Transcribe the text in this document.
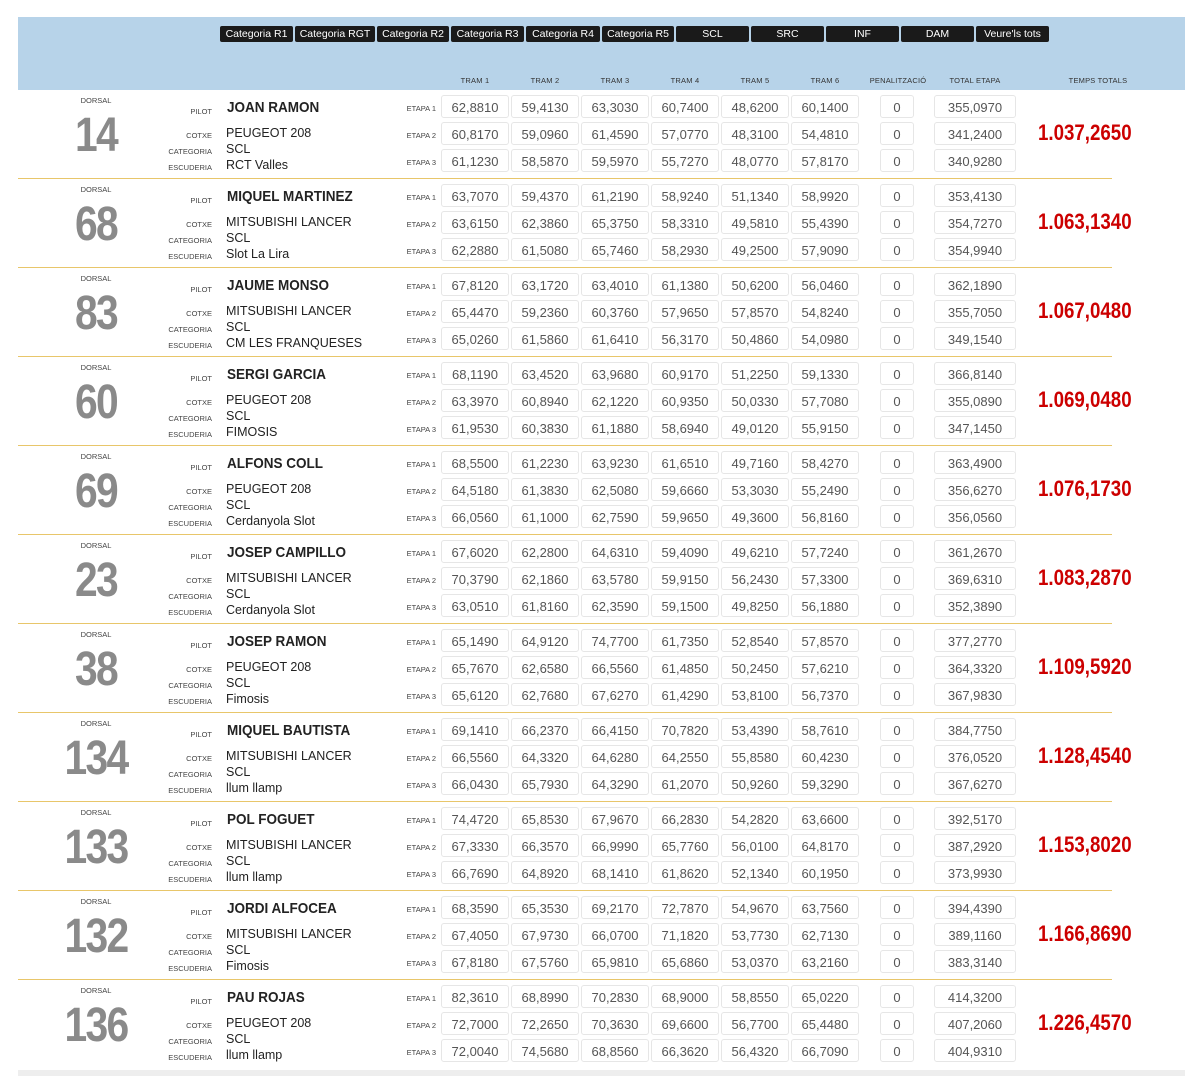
Categoria R1	Categoria RGT	Categoria R2	Categoria R3	Categoria R4	Categoria R5	SCL	SRC	INF	DAM	Veure'ls tots
TRAM 1	TRAM 2	TRAM 3	TRAM 4	TRAM 5	TRAM 6	PENALITZACIÓ	TOTAL ETAPA	TEMPS TOTALS
DORSAL
14	PILOT JOAN RAMON
COTXE PEUGEOT 208
CATEGORIA SCL
ESCUDERIA RCT Valles
ETAPA 1	62,8810	59,4130	63,3030	60,7400	48,6200	60,1400	0	355,0970
ETAPA 2	60,8170	59,0960	61,4590	57,0770	48,3100	54,4810	0	341,2400
ETAPA 3	61,1230	58,5870	59,5970	55,7270	48,0770	57,8170	0	340,9280
1.037,2650
DORSAL
68	PILOT MIQUEL MARTINEZ
COTXE MITSUBISHI LANCER
CATEGORIA SCL
ESCUDERIA Slot La Lira
ETAPA 1	63,7070	59,4370	61,2190	58,9240	51,1340	58,9920	0	353,4130
ETAPA 2	63,6150	62,3860	65,3750	58,3310	49,5810	55,4390	0	354,7270
ETAPA 3	62,2880	61,5080	65,7460	58,2930	49,2500	57,9090	0	354,9940
1.063,1340
DORSAL
83	PILOT JAUME MONSO
COTXE MITSUBISHI LANCER
CATEGORIA SCL
ESCUDERIA CM LES FRANQUESES
ETAPA 1	67,8120	63,1720	63,4010	61,1380	50,6200	56,0460	0	362,1890
ETAPA 2	65,4470	59,2360	60,3760	57,9650	57,8570	54,8240	0	355,7050
ETAPA 3	65,0260	61,5860	61,6410	56,3170	50,4860	54,0980	0	349,1540
1.067,0480
DORSAL
60	PILOT SERGI GARCIA
COTXE PEUGEOT 208
CATEGORIA SCL
ESCUDERIA FIMOSIS
ETAPA 1	68,1190	63,4520	63,9680	60,9170	51,2250	59,1330	0	366,8140
ETAPA 2	63,3970	60,8940	62,1220	60,9350	50,0330	57,7080	0	355,0890
ETAPA 3	61,9530	60,3830	61,1880	58,6940	49,0120	55,9150	0	347,1450
1.069,0480
DORSAL
69	PILOT ALFONS COLL
COTXE PEUGEOT 208
CATEGORIA SCL
ESCUDERIA Cerdanyola Slot
ETAPA 1	68,5500	61,2230	63,9230	61,6510	49,7160	58,4270	0	363,4900
ETAPA 2	64,5180	61,3830	62,5080	59,6660	53,3030	55,2490	0	356,6270
ETAPA 3	66,0560	61,1000	62,7590	59,9650	49,3600	56,8160	0	356,0560
1.076,1730
DORSAL
23	PILOT JOSEP CAMPILLO
COTXE MITSUBISHI LANCER
CATEGORIA SCL
ESCUDERIA Cerdanyola Slot
ETAPA 1	67,6020	62,2800	64,6310	59,4090	49,6210	57,7240	0	361,2670
ETAPA 2	70,3790	62,1860	63,5780	59,9150	56,2430	57,3300	0	369,6310
ETAPA 3	63,0510	61,8160	62,3590	59,1500	49,8250	56,1880	0	352,3890
1.083,2870
DORSAL
38	PILOT JOSEP RAMON
COTXE PEUGEOT 208
CATEGORIA SCL
ESCUDERIA Fimosis
ETAPA 1	65,1490	64,9120	74,7700	61,7350	52,8540	57,8570	0	377,2770
ETAPA 2	65,7670	62,6580	66,5560	61,4850	50,2450	57,6210	0	364,3320
ETAPA 3	65,6120	62,7680	67,6270	61,4290	53,8100	56,7370	0	367,9830
1.109,5920
DORSAL
134	PILOT MIQUEL BAUTISTA
COTXE MITSUBISHI LANCER
CATEGORIA SCL
ESCUDERIA llum llamp
ETAPA 1	69,1410	66,2370	66,4150	70,7820	53,4390	58,7610	0	384,7750
ETAPA 2	66,5560	64,3320	64,6280	64,2550	55,8580	60,4230	0	376,0520
ETAPA 3	66,0430	65,7930	64,3290	61,2070	50,9260	59,3290	0	367,6270
1.128,4540
DORSAL
133	PILOT POL FOGUET
COTXE MITSUBISHI LANCER
CATEGORIA SCL
ESCUDERIA llum llamp
ETAPA 1	74,4720	65,8530	67,9670	66,2830	54,2820	63,6600	0	392,5170
ETAPA 2	67,3330	66,3570	66,9990	65,7760	56,0100	64,8170	0	387,2920
ETAPA 3	66,7690	64,8920	68,1410	61,8620	52,1340	60,1950	0	373,9930
1.153,8020
DORSAL
132	PILOT JORDI ALFOCEA
COTXE MITSUBISHI LANCER
CATEGORIA SCL
ESCUDERIA Fimosis
ETAPA 1	68,3590	65,3530	69,2170	72,7870	54,9670	63,7560	0	394,4390
ETAPA 2	67,4050	67,9730	66,0700	71,1820	53,7730	62,7130	0	389,1160
ETAPA 3	67,8180	67,5760	65,9810	65,6860	53,0370	63,2160	0	383,3140
1.166,8690
DORSAL
136	PILOT PAU ROJAS
COTXE PEUGEOT 208
CATEGORIA SCL
ESCUDERIA llum llamp
ETAPA 1	82,3610	68,8990	70,2830	68,9000	58,8550	65,0220	0	414,3200
ETAPA 2	72,7000	72,2650	70,3630	69,6600	56,7700	65,4480	0	407,2060
ETAPA 3	72,0040	74,5680	68,8560	66,3620	56,4320	66,7090	0	404,9310
1.226,4570
